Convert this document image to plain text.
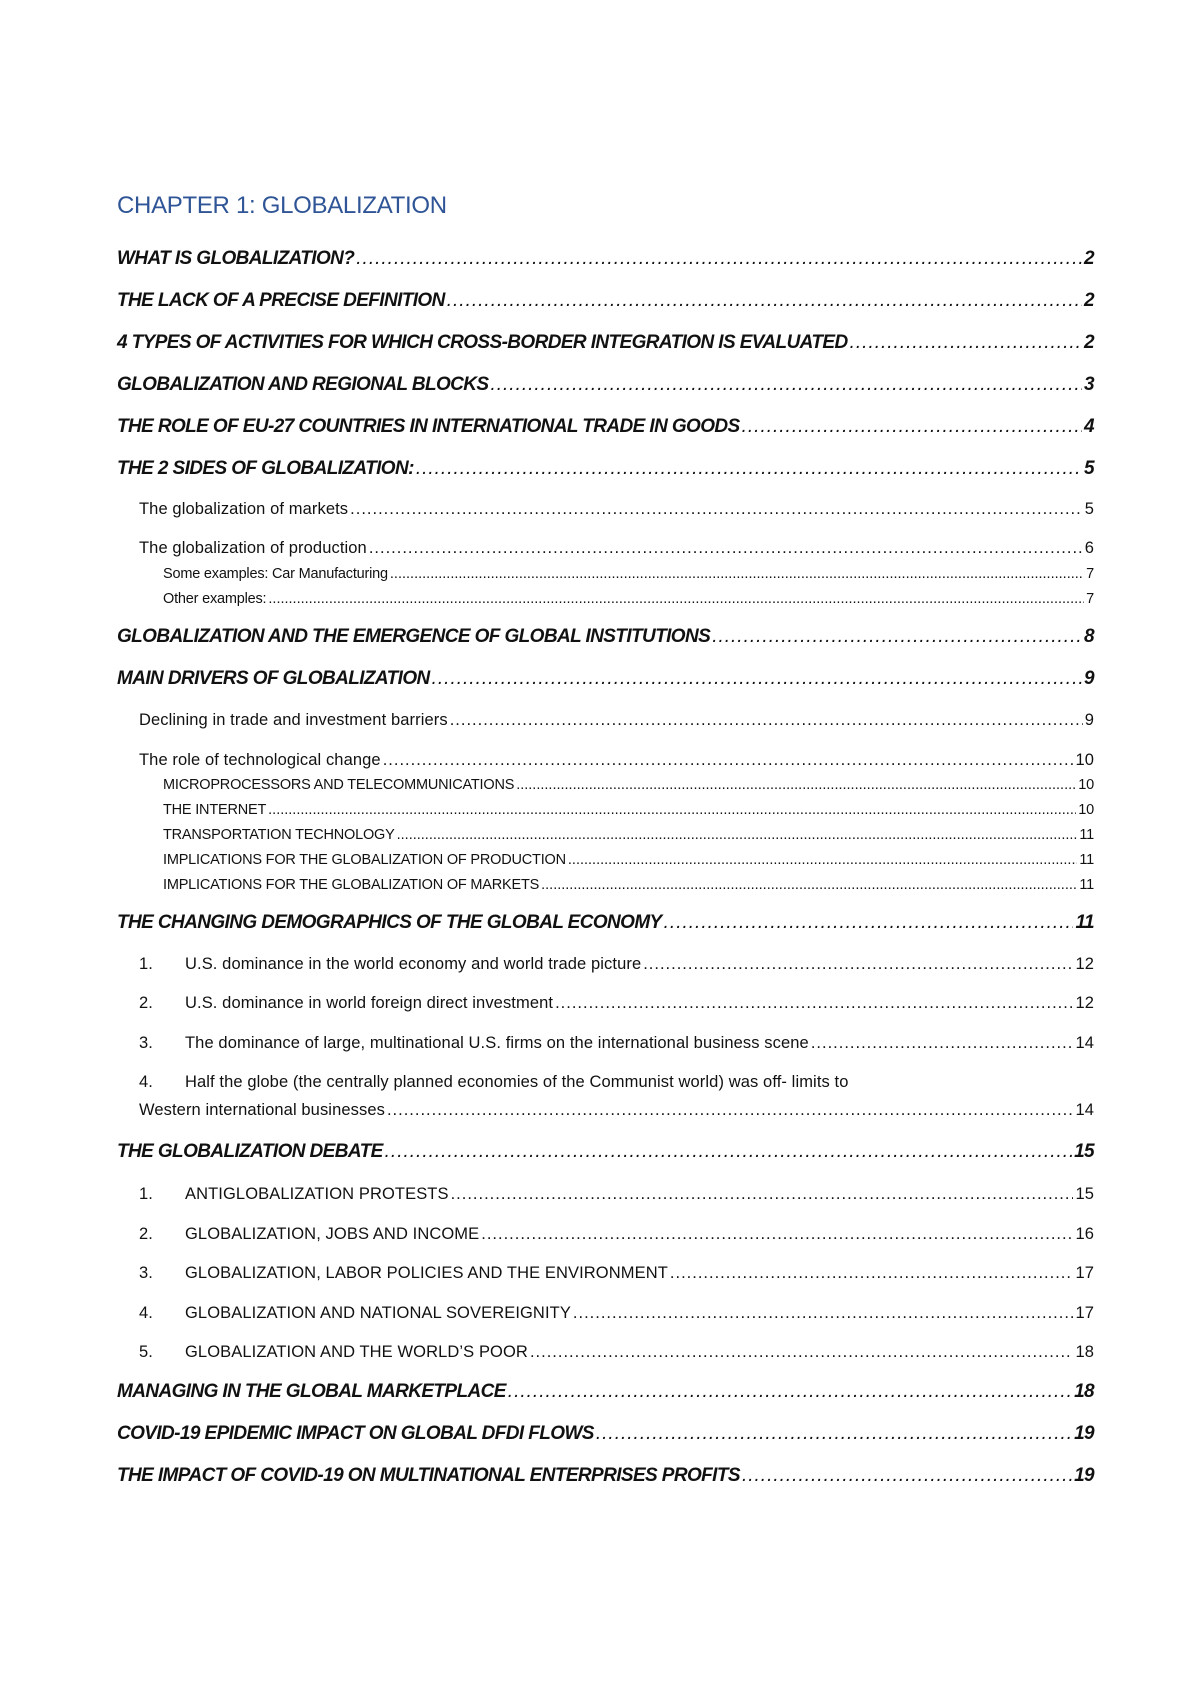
CHAPTER 1: GLOBALIZATION
WHAT IS GLOBALIZATION? .....	2
THE LACK OF A PRECISE DEFINITION .....	2
4 TYPES OF ACTIVITIES FOR WHICH CROSS-BORDER INTEGRATION IS EVALUATED .....	2
GLOBALIZATION AND REGIONAL BLOCKS .....	3
THE ROLE OF EU-27 COUNTRIES IN INTERNATIONAL TRADE IN GOODS .....	4
THE 2 SIDES OF GLOBALIZATION: .....	5
The globalization of markets .....	5
The globalization of production .....	6
Some examples: Car Manufacturing .....	7
Other examples: .....	7
GLOBALIZATION AND THE EMERGENCE OF GLOBAL INSTITUTIONS .....	8
MAIN DRIVERS OF GLOBALIZATION .....	9
Declining in trade and investment barriers .....	9
The role of technological change .....	10
MICROPROCESSORS AND TELECOMMUNICATIONS .....	10
THE INTERNET .....	10
TRANSPORTATION TECHNOLOGY .....	11
IMPLICATIONS FOR THE GLOBALIZATION OF PRODUCTION .....	11
IMPLICATIONS FOR THE GLOBALIZATION OF MARKETS .....	11
THE CHANGING DEMOGRAPHICS OF THE GLOBAL ECONOMY .....	11
1.	U.S. dominance in the world economy and world trade picture .....	12
2.	U.S. dominance in world foreign direct investment .....	12
3.	The dominance of large, multinational U.S. firms on the international business scene .....	14
4. Half the globe (the centrally planned economies of the Communist world) was off- limits to
Western international businesses .....	14
THE GLOBALIZATION DEBATE .....	15
1.	ANTIGLOBALIZATION PROTESTS .....	15
2.	GLOBALIZATION, JOBS AND INCOME .....	16
3.	GLOBALIZATION, LABOR POLICIES AND THE ENVIRONMENT .....	17
4.	GLOBALIZATION AND NATIONAL SOVEREIGNITY .....	17
5.	GLOBALIZATION AND THE WORLD’S POOR .....	18
MANAGING IN THE GLOBAL MARKETPLACE .....	18
COVID-19 EPIDEMIC IMPACT ON GLOBAL DFDI FLOWS .....	19
THE IMPACT OF COVID-19 ON MULTINATIONAL ENTERPRISES PROFITS .....	19
